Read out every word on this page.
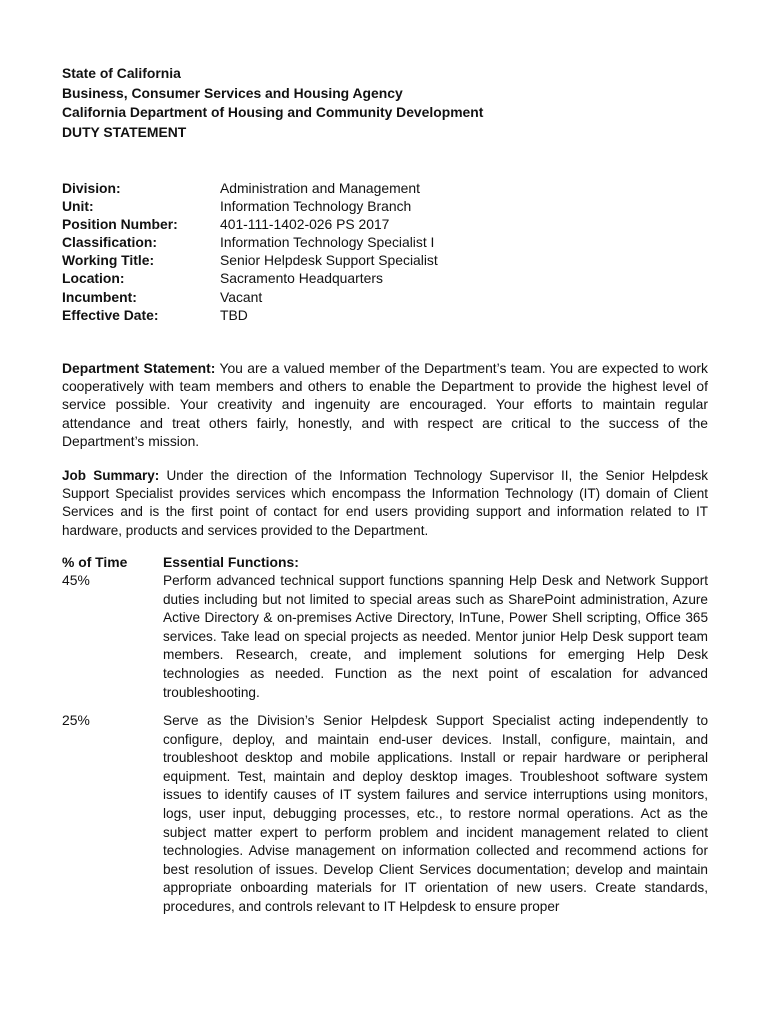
State of California
Business, Consumer Services and Housing Agency
California Department of Housing and Community Development
DUTY STATEMENT
Division:	Administration and Management
Unit:	Information Technology Branch
Position Number:	401-111-1402-026 PS 2017
Classification:	Information Technology Specialist I
Working Title:	Senior Helpdesk Support Specialist
Location:	Sacramento Headquarters
Incumbent:	Vacant
Effective Date:	TBD
Department Statement: You are a valued member of the Department’s team. You are expected to work cooperatively with team members and others to enable the Department to provide the highest level of service possible. Your creativity and ingenuity are encouraged. Your efforts to maintain regular attendance and treat others fairly, honestly, and with respect are critical to the success of the Department’s mission.
Job Summary: Under the direction of the Information Technology Supervisor II, the Senior Helpdesk Support Specialist provides services which encompass the Information Technology (IT) domain of Client Services and is the first point of contact for end users providing support and information related to IT hardware, products and services provided to the Department.
% of Time	Essential Functions:
45%	Perform advanced technical support functions spanning Help Desk and Network Support duties including but not limited to special areas such as SharePoint administration, Azure Active Directory & on-premises Active Directory, InTune, Power Shell scripting, Office 365 services. Take lead on special projects as needed. Mentor junior Help Desk support team members. Research, create, and implement solutions for emerging Help Desk technologies as needed. Function as the next point of escalation for advanced troubleshooting.
25%	Serve as the Division’s Senior Helpdesk Support Specialist acting independently to configure, deploy, and maintain end-user devices. Install, configure, maintain, and troubleshoot desktop and mobile applications. Install or repair hardware or peripheral equipment. Test, maintain and deploy desktop images. Troubleshoot software system issues to identify causes of IT system failures and service interruptions using monitors, logs, user input, debugging processes, etc., to restore normal operations. Act as the subject matter expert to perform problem and incident management related to client technologies. Advise management on information collected and recommend actions for best resolution of issues. Develop Client Services documentation; develop and maintain appropriate onboarding materials for IT orientation of new users. Create standards, procedures, and controls relevant to IT Helpdesk to ensure proper
